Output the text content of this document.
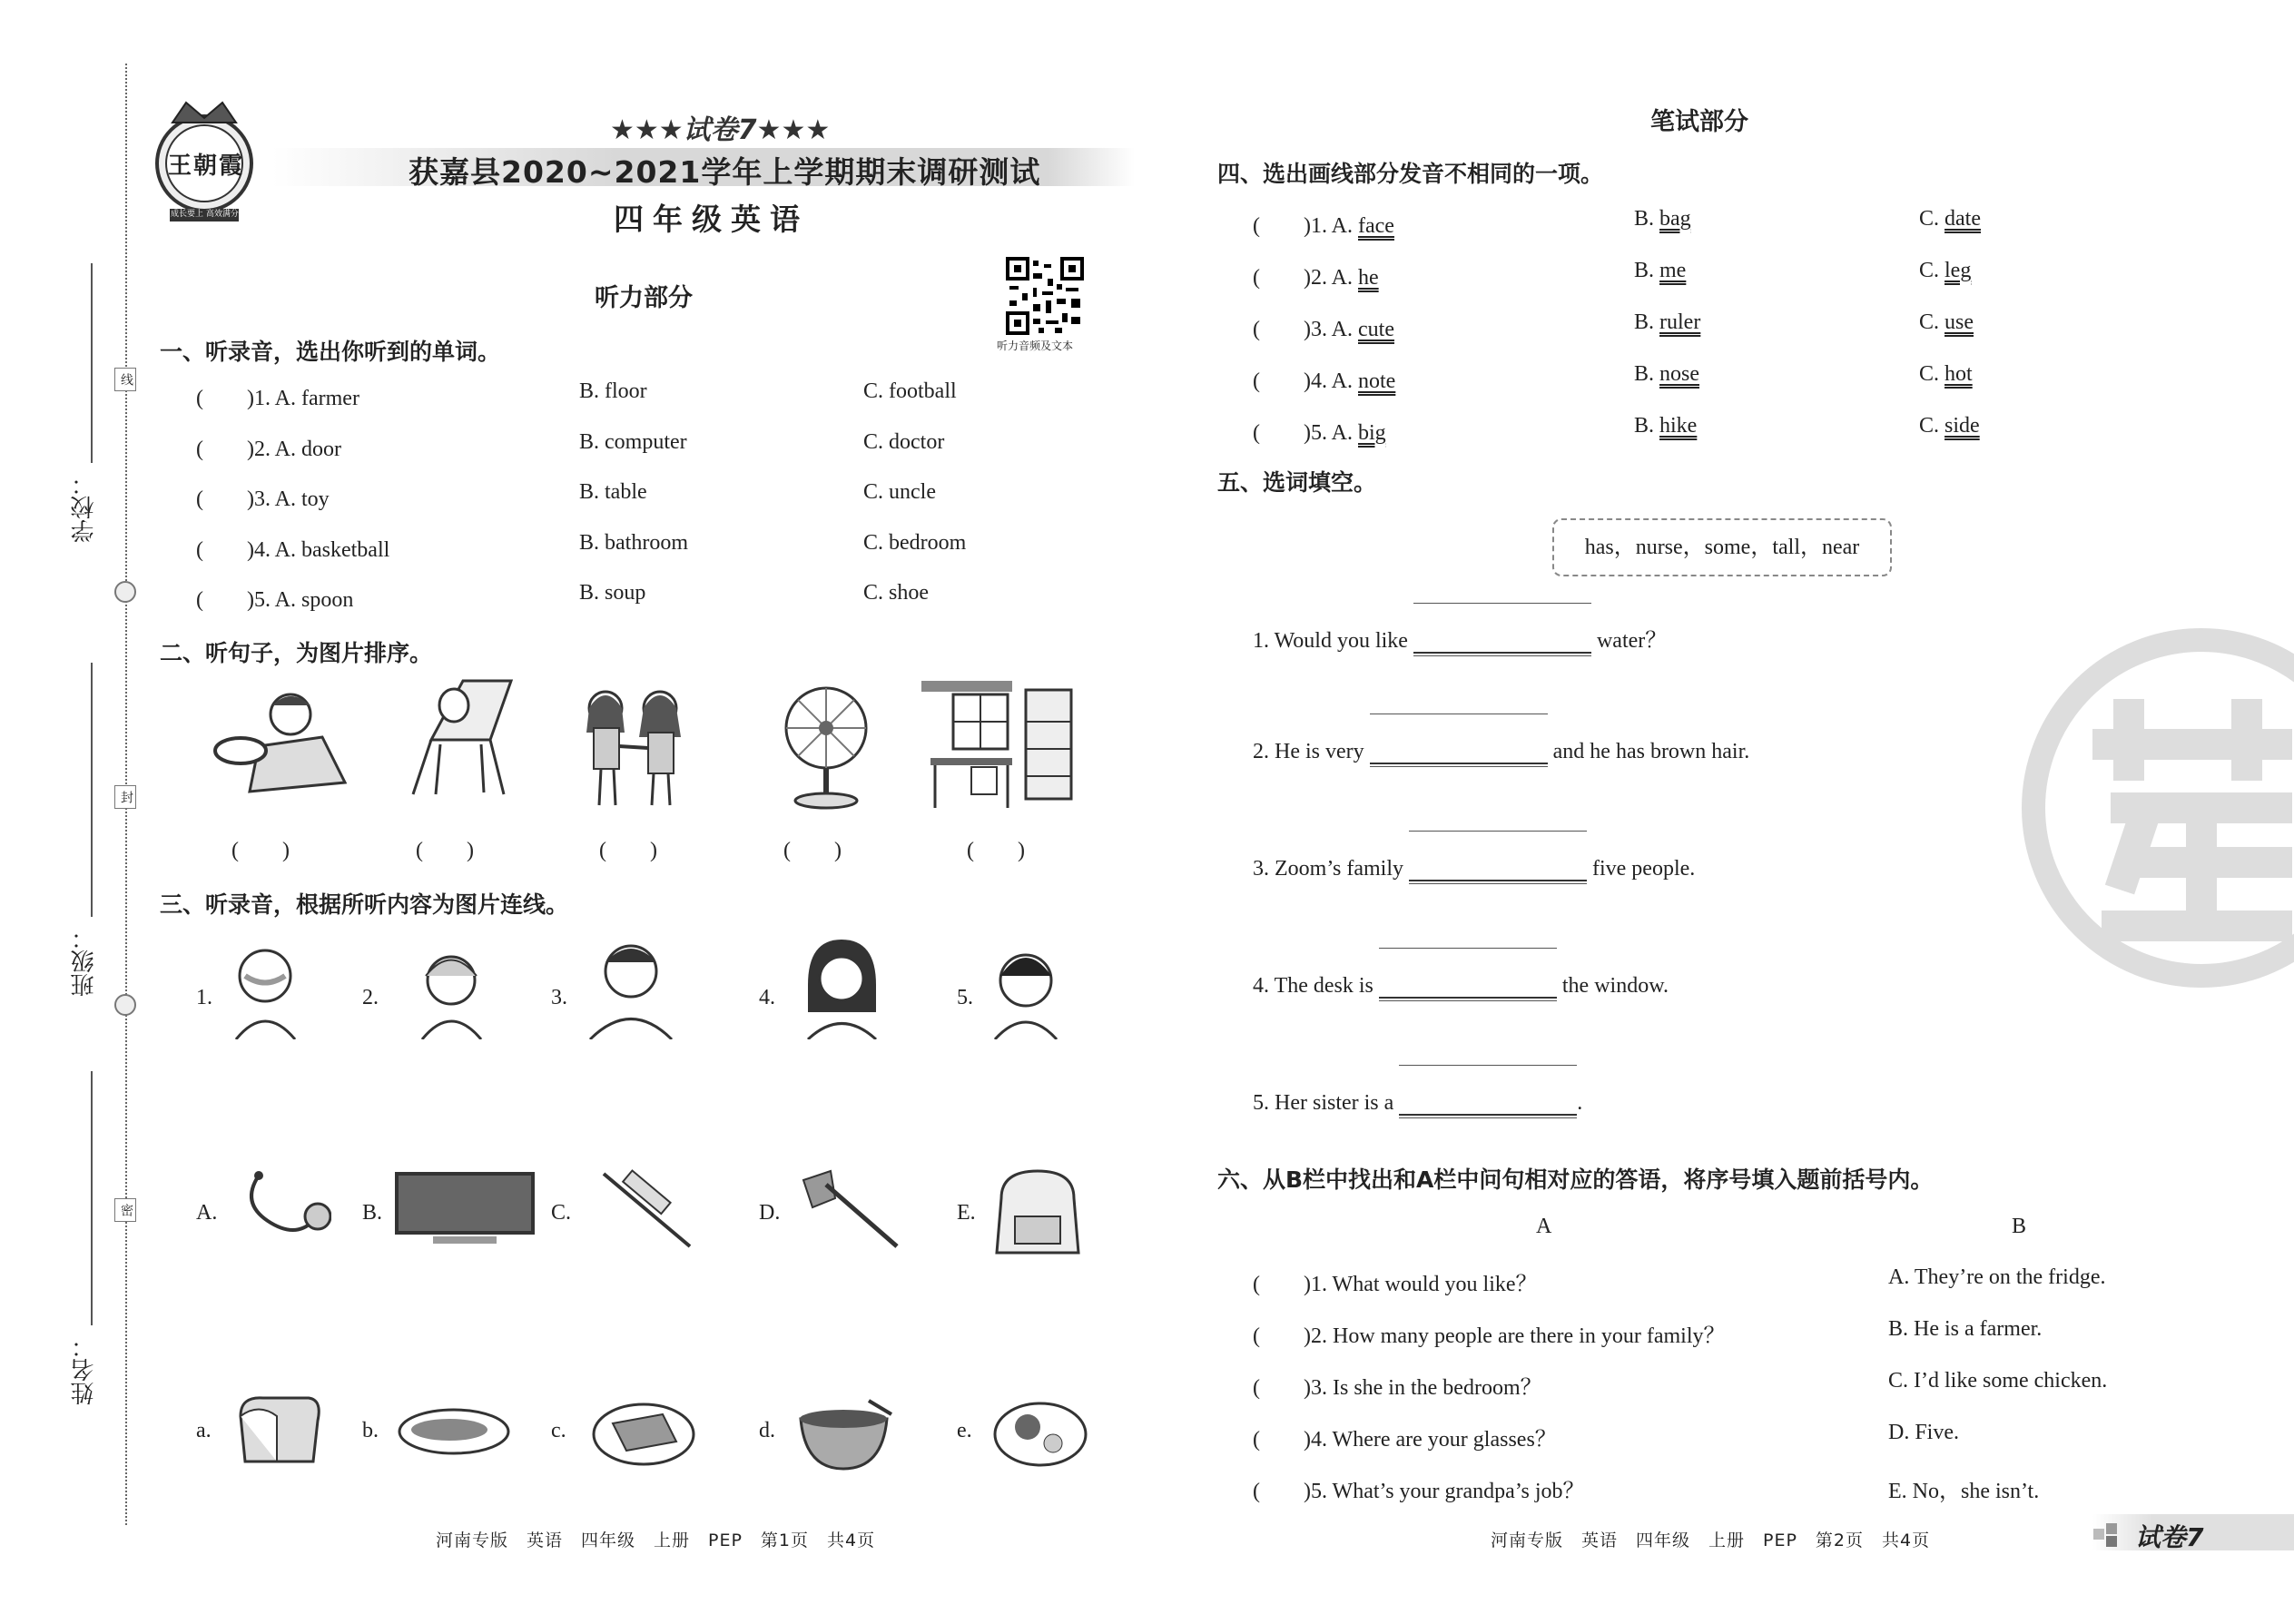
学校：
班级：
姓名：
线
封
密
王朝霞
成长要上 高效满分
★★★试卷7★★★
获嘉县2020~2021学年上学期期末调研测试
四年级英语
听力音频及文本
听力部分
一、听录音，选出你听到的单词。
(　　)1. A. farmer	B. floor	C. football
(　　)2. A. door	B. computer	C. doctor
(　　)3. A. toy	B. table	C. uncle
(　　)4. A. basketball	B. bathroom	C. bedroom
(　　)5. A. spoon	B. soup	C. shoe
二、听句子，为图片排序。
(　　)	(　　)	(　　)	(　　)	(　　)
三、听录音，根据所听内容为图片连线。
1.	2.	3.	4.	5.
A.	B.	C.	D.	E.
a.	b.	c.	d.	e.
河南专版　英语　四年级　上册　PEP　第1页　共4页
笔试部分
四、选出画线部分发音不相同的一项。
(　　)1. A. face	B. bag	C. date
(　　)2. A. he	B. me	C. leg
(　　)3. A. cute	B. ruler	C. use
(　　)4. A. note	B. nose	C. hot
(　　)5. A. big	B. hike	C. side
五、选词填空。
has，nurse，some，tall，near
1. Would you like	water？
2. He is very	and he has brown hair.
3. Zoom’s family	five people.
4. The desk is	the window.
5. Her sister is a	.
六、从B栏中找出和A栏中问句相对应的答语，将序号填入题前括号内。
A	B
(　　)1. What would you like？	A. They’re on the fridge.
(　　)2. How many people are there in your family？	B. He is a farmer.
(　　)3. Is she in the bedroom？	C. I’d like some chicken.
(　　)4. Where are your glasses？	D. Five.
(　　)5. What’s your grandpa’s job？	E. No，she isn’t.
河南专版　英语　四年级　上册　PEP　第2页　共4页	试卷7
